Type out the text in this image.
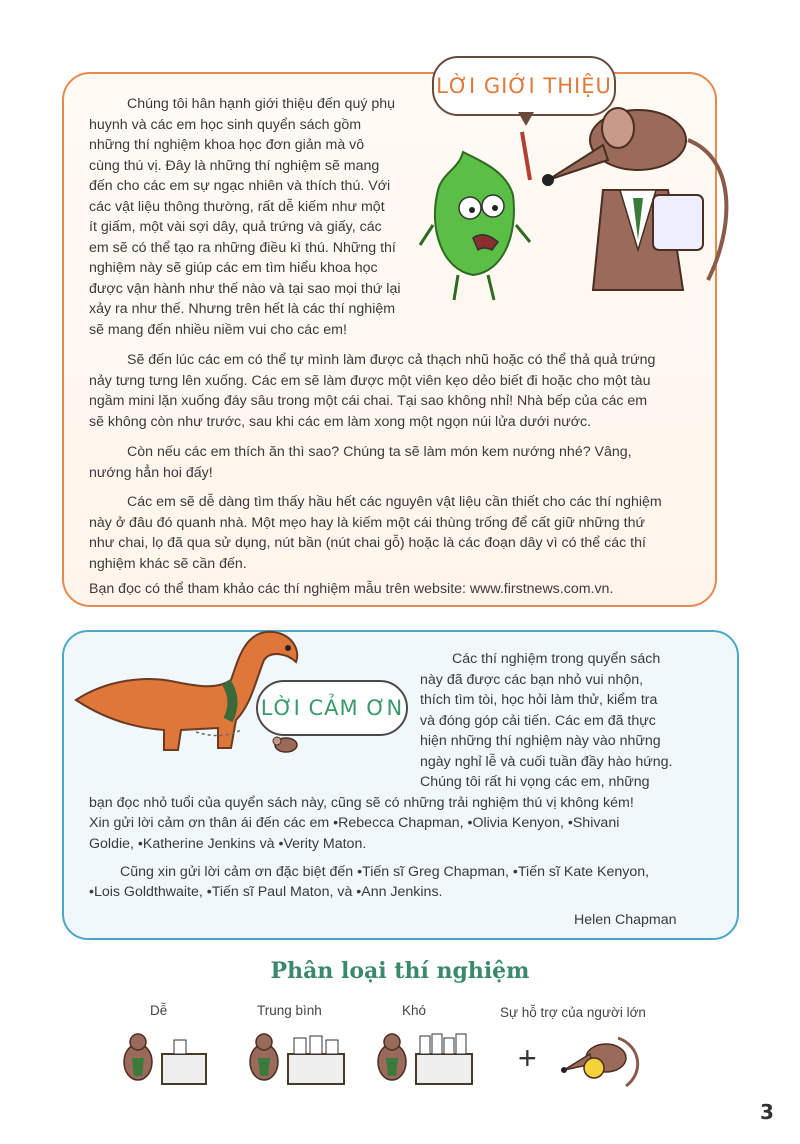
LỜI GIỚI THIỆU

Chúng tôi hân hạnh giới thiệu đến quý phụ

huynh và các em học sinh quyển sách gồm

những thí nghiệm khoa học đơn giản mà vô

cùng thú vị. Đây là những thí nghiệm sẽ mang

đến cho các em sự ngạc nhiên và thích thú. Với

các vật liệu thông thường, rất dễ kiếm như một

ít giấm, một vài sợi dây, quả trứng và giấy, các

em sẽ có thể tạo ra những điều kì thú. Những thí

nghiệm này sẽ giúp các em tìm hiểu khoa học

được vận hành như thế nào và tại sao mọi thứ lại

xảy ra như thế. Nhưng trên hết là các thí nghiệm

sẽ mang đến nhiều niềm vui cho các em!

Sẽ đến lúc các em có thể tự mình làm được cả thạch nhũ hoặc có thể thả quả trứng

nảy tưng tưng lên xuống. Các em sẽ làm được một viên kẹo dẻo biết đi hoặc cho một tàu

ngầm mini lặn xuống đáy sâu trong một cái chai. Tại sao không nhỉ! Nhà bếp của các em

sẽ không còn như trước, sau khi các em làm xong một ngọn núi lửa dưới nước.

Còn nếu các em thích ăn thì sao? Chúng ta sẽ làm món kem nướng nhé? Vâng,

nướng hẳn hoi đấy!

Các em sẽ dễ dàng tìm thấy hầu hết các nguyên vật liệu cần thiết cho các thí nghiệm

này ở đâu đó quanh nhà. Một mẹo hay là kiếm một cái thùng trống để cất giữ những thứ

như chai, lọ đã qua sử dụng, nút bần (nút chai gỗ) hoặc là các đoạn dây vì có thể các thí

nghiệm khác sẽ cần đến.

Bạn đọc có thể tham khảo các thí nghiệm mẫu trên website: www.firstnews.com.vn.

LỜI CẢM ƠN

Các thí nghiệm trong quyển sách

này đã được các bạn nhỏ vui nhộn,

thích tìm tòi, học hỏi làm thử, kiểm tra

và đóng góp cải tiến. Các em đã thực

hiện những thí nghiệm này vào những

ngày nghỉ lễ và cuối tuần đầy hào hứng.

Chúng tôi rất hi vọng các em, những

bạn đọc nhỏ tuổi của quyển sách này, cũng sẽ có những trải nghiệm thú vị không kém!

Xin gửi lời cảm ơn thân ái đến các em •Rebecca Chapman, •Olivia Kenyon, •Shivani

Goldie, •Katherine Jenkins và •Verity Maton.

Cũng xin gửi lời cảm ơn đặc biệt đến •Tiến sĩ Greg Chapman, •Tiến sĩ Kate Kenyon,

•Lois Goldthwaite, •Tiến sĩ Paul Maton, và •Ann Jenkins.

Helen Chapman

Phân loại thí nghiệm
Dễ	Trung bình	Khó	Sự hỗ trợ của người lớn
+
3
